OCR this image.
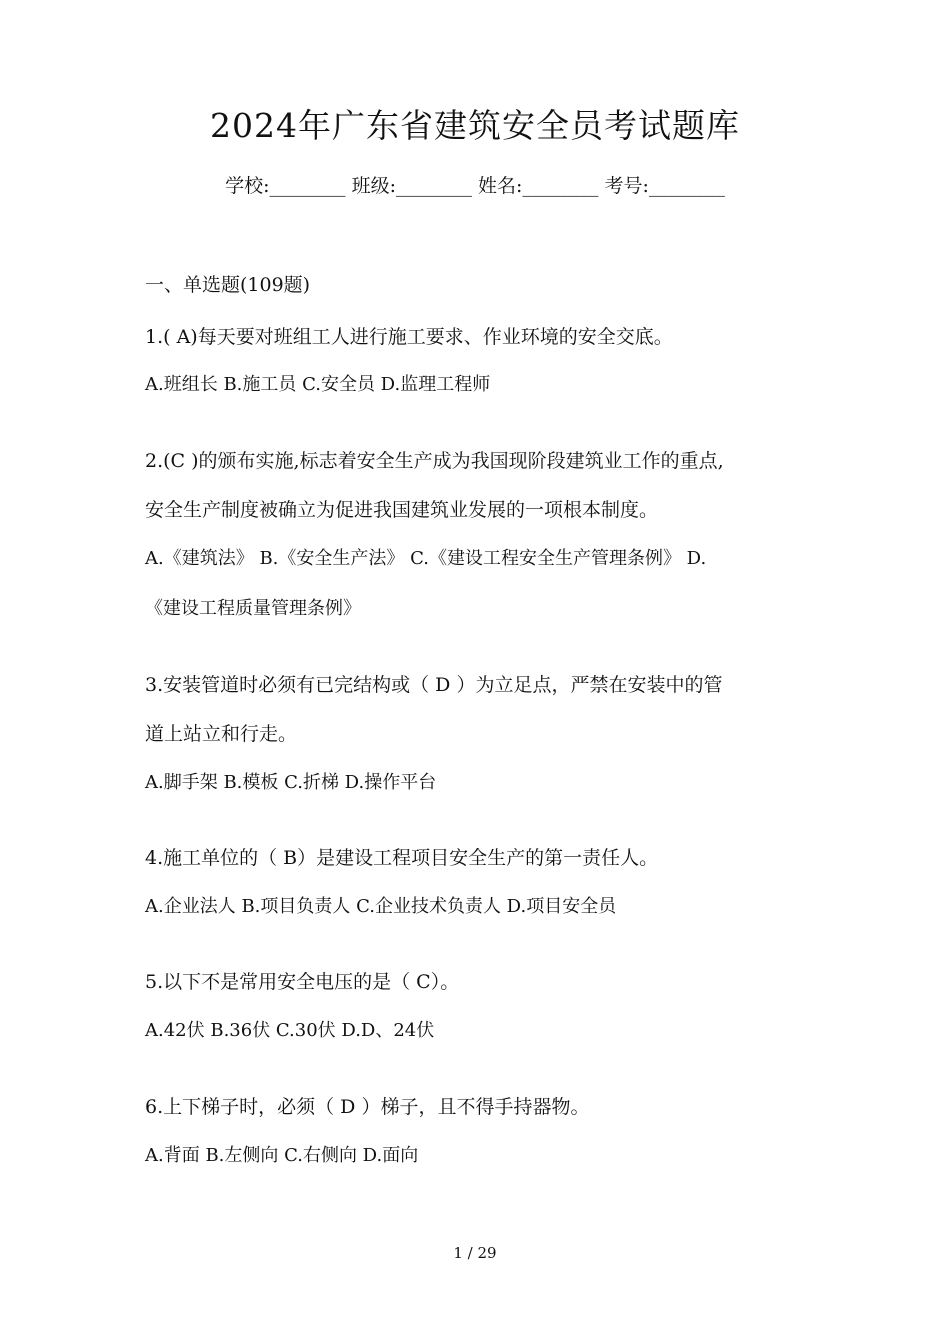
2024年广东省建筑安全员考试题库
学校:________ 班级:________ 姓名:________ 考号:________
一、单选题(109题)
1.( A)每天要对班组工人进行施工要求、作业环境的安全交底。
A.班组长 B.施工员 C.安全员 D.监理工程师
2.(C )的颁布实施,标志着安全生产成为我国现阶段建筑业工作的重点,
安全生产制度被确立为促进我国建筑业发展的一项根本制度。
A.《建筑法》 B.《安全生产法》 C.《建设工程安全生产管理条例》 D.
《建设工程质量管理条例》
3.安装管道时必须有已完结构或（ D ）为立足点，严禁在安装中的管
道上站立和行走。
A.脚手架 B.模板 C.折梯 D.操作平台
4.施工单位的（ B）是建设工程项目安全生产的第一责任人。
A.企业法人 B.项目负责人 C.企业技术负责人 D.项目安全员
5.以下不是常用安全电压的是（ C）。
A.42伏 B.36伏 C.30伏 D.D、24伏
6.上下梯子时，必须（ D ）梯子，且不得手持器物。
A.背面 B.左侧向 C.右侧向 D.面向
1 / 29
